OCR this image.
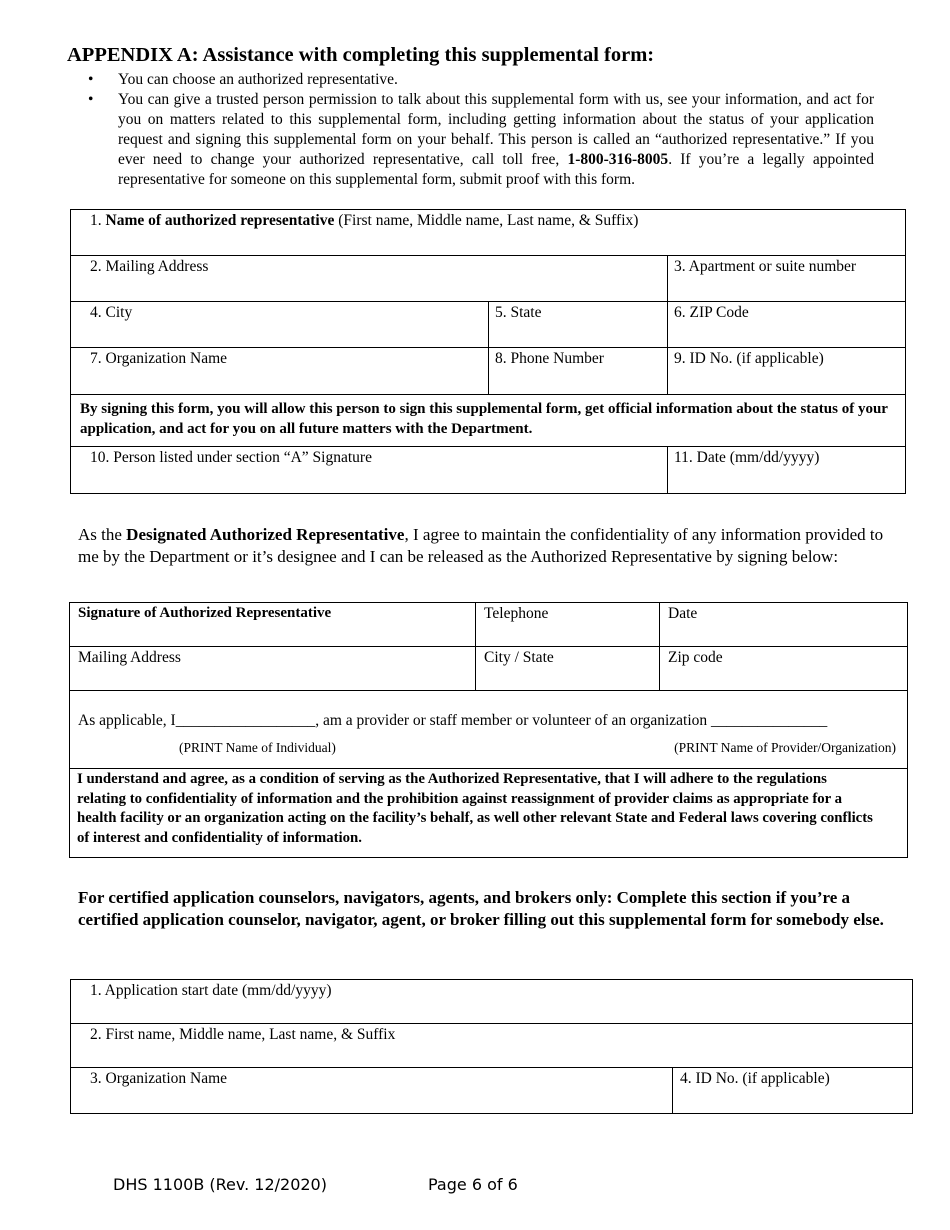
APPENDIX A: Assistance with completing this supplemental form:
• You can choose an authorized representative.
• You can give a trusted person permission to talk about this supplemental form with us, see your information, and act for you on matters related to this supplemental form, including getting information about the status of your application request and signing this supplemental form on your behalf. This person is called an “authorized representative.” If you ever need to change your authorized representative, call toll free, 1-800-316-8005. If you’re a legally appointed representative for someone on this supplemental form, submit proof with this form.
1. Name of authorized representative (First name, Middle name, Last name, & Suffix)
2. Mailing Address	3. Apartment or suite number
4. City	5. State	6. ZIP Code
7. Organization Name	8. Phone Number	9. ID No. (if applicable)
By signing this form, you will allow this person to sign this supplemental form, get official information about the status of your application, and act for you on all future matters with the Department.
10. Person listed under section “A” Signature	11. Date (mm/dd/yyyy)

As the Designated Authorized Representative, I agree to maintain the confidentiality of any information provided to me by the Department or it’s designee and I can be released as the Authorized Representative by signing below:

Signature of Authorized Representative	Telephone	Date
Mailing Address	City / State	Zip code
As applicable, I__________________, am a provider or staff member or volunteer of an organization _______________
(PRINT Name of Individual)	(PRINT Name of Provider/Organization)
I understand and agree, as a condition of serving as the Authorized Representative, that I will adhere to the regulations relating to confidentiality of information and the prohibition against reassignment of provider claims as appropriate for a health facility or an organization acting on the facility’s behalf, as well other relevant State and Federal laws covering conflicts of interest and confidentiality of information.

For certified application counselors, navigators, agents, and brokers only: Complete this section if you’re a certified application counselor, navigator, agent, or broker filling out this supplemental form for somebody else.

1. Application start date (mm/dd/yyyy)
2. First name, Middle name, Last name, & Suffix
3. Organization Name	4. ID No. (if applicable)
DHS 1100B (Rev. 12/2020)	Page 6 of 6
